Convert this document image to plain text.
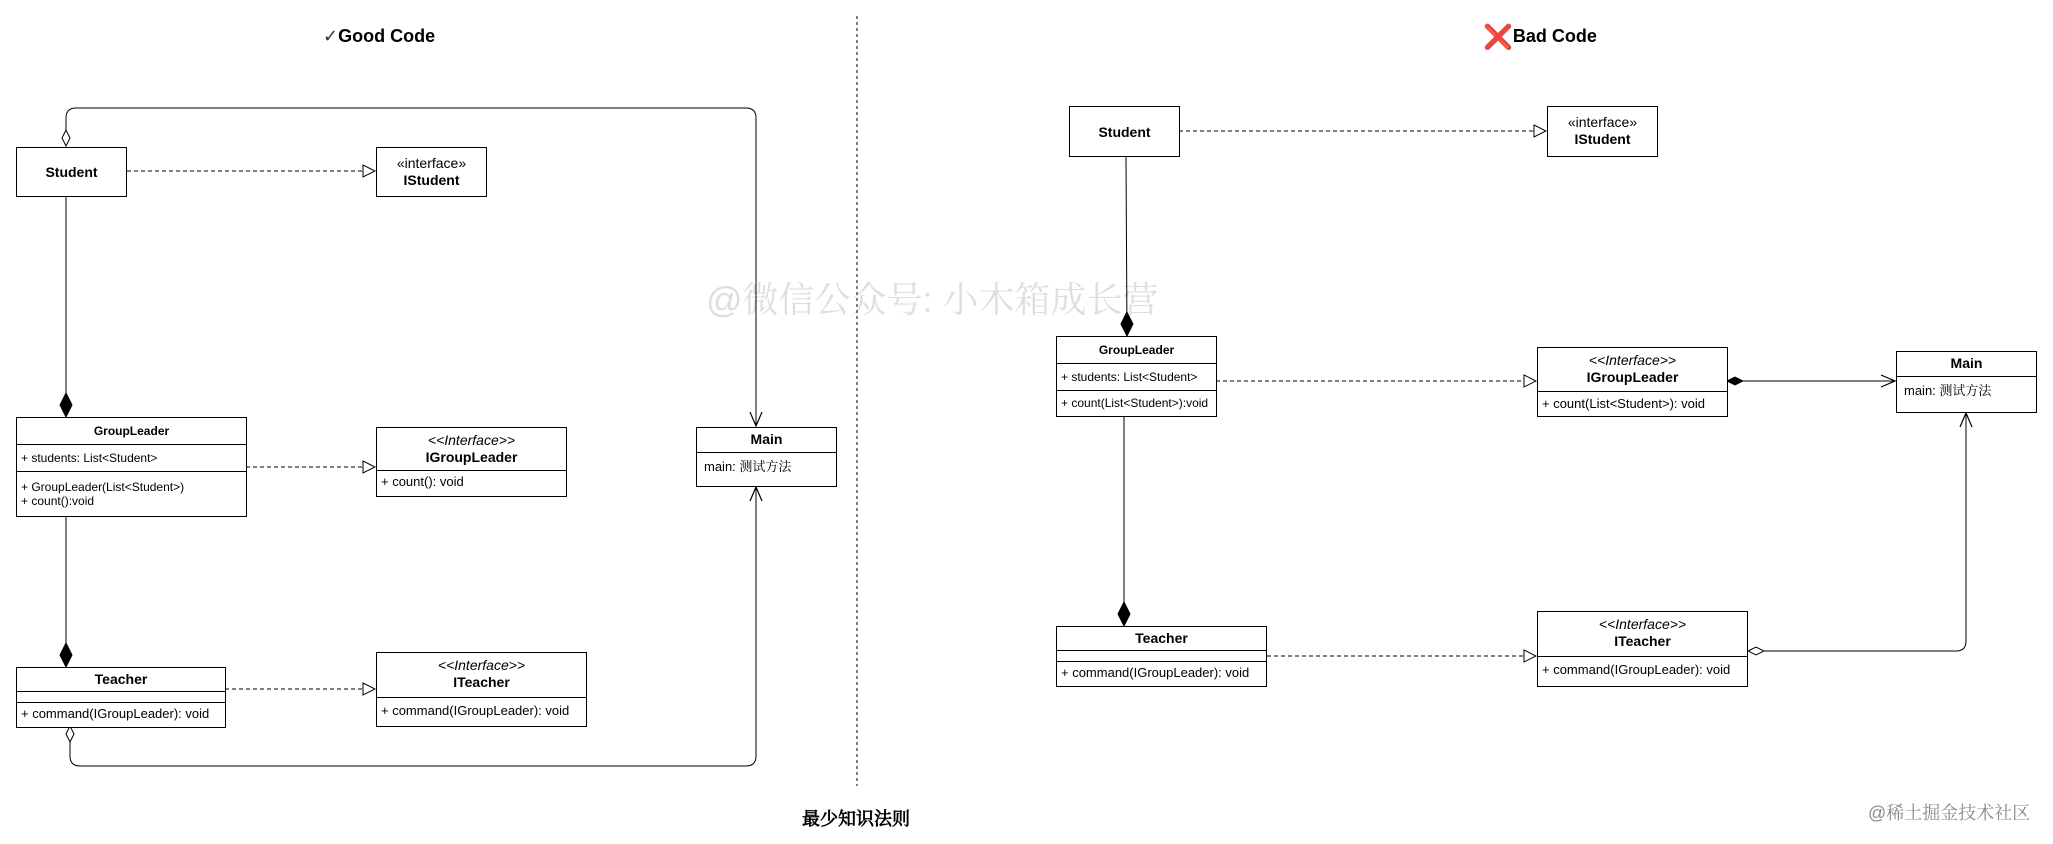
✓Good Code	❌Bad Code
@微信公众号: 小木箱成长营
@稀土掘金技术社区
最少知识法则
Student
«interface»
IStudent
GroupLeader
+ students: List<Student>
+ GroupLeader(List<Student>)
+ count():void
<<Interface>>
IGroupLeader
+ count(): void
Teacher
+ command(IGroupLeader): void
<<Interface>>
ITeacher
+ command(IGroupLeader): void
Main
main: 测试方法
Student
«interface»
IStudent
GroupLeader
+ students: List<Student>
+ count(List<Student>):void
<<Interface>>
IGroupLeader
+ count(List<Student>): void
Teacher
+ command(IGroupLeader): void
<<Interface>>
ITeacher
+ command(IGroupLeader): void
Main
main: 测试方法
